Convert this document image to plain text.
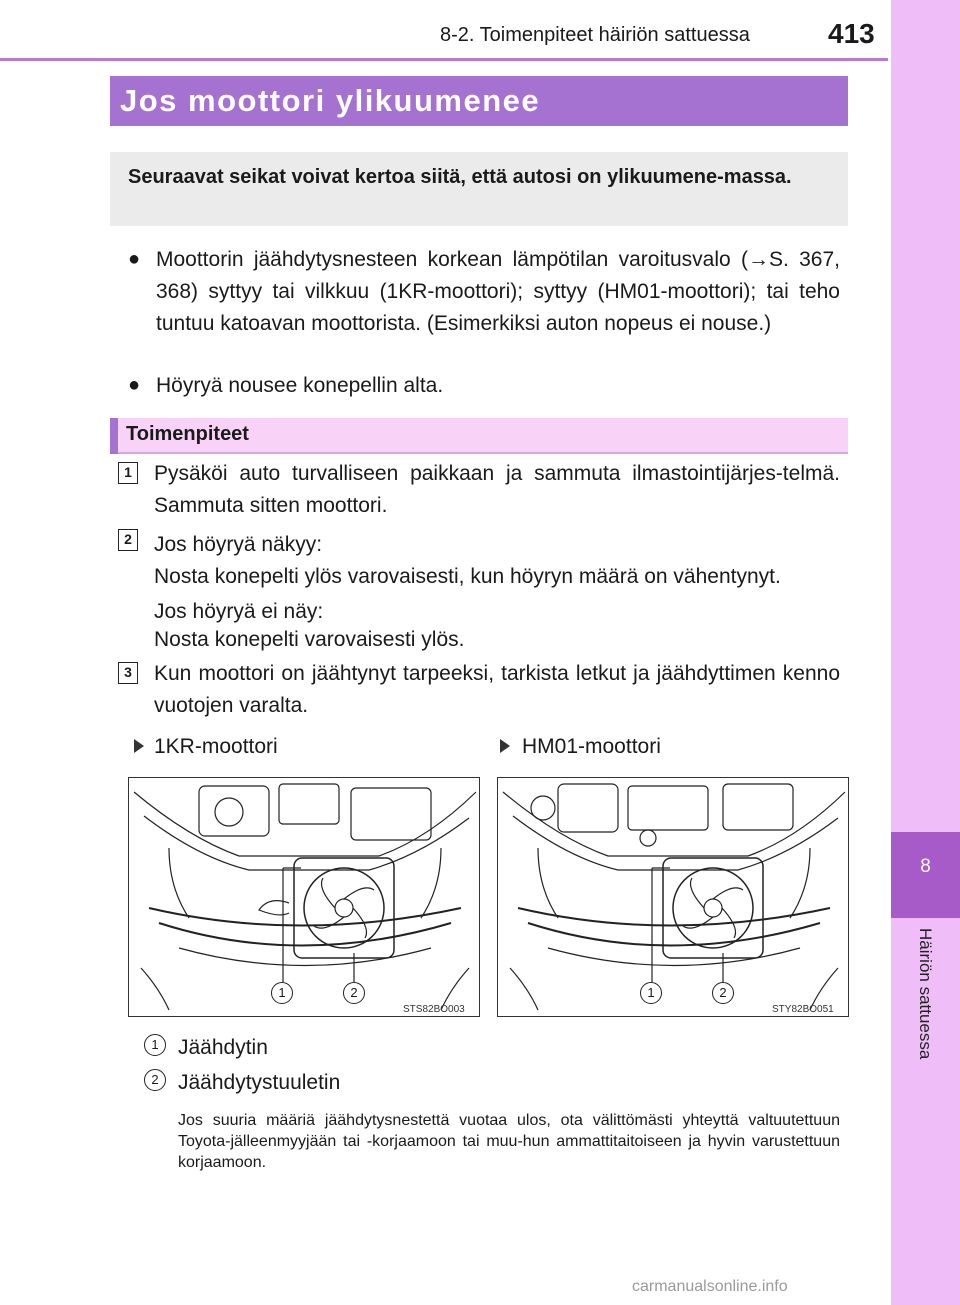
8-2. Toimenpiteet häiriön sattuessa	413
8
Häiriön sattuessa
Jos moottori ylikuumenee
Seuraavat seikat voivat kertoa siitä, että autosi on ylikuumene-massa.
● Moottorin jäähdytysnesteen korkean lämpötilan varoitusvalo (→S. 367, 368) syttyy tai vilkkuu (1KR-moottori); syttyy (HM01-moottori); tai teho tuntuu katoavan moottorista. (Esimerkiksi auton nopeus ei nouse.)
● Höyryä nousee konepellin alta.
Toimenpiteet
1 Pysäköi auto turvalliseen paikkaan ja sammuta ilmastointijärjes-telmä. Sammuta sitten moottori.
2 Jos höyryä näkyy:
Nosta konepelti ylös varovaisesti, kun höyryn määrä on vähentynyt.
Jos höyryä ei näy:
Nosta konepelti varovaisesti ylös.
3 Kun moottori on jäähtynyt tarpeeksi, tarkista letkut ja jäähdyttimen kenno vuotojen varalta.
1KR-moottori	HM01-moottori
1	2
STS82BO003
1	2
STY82BO051
1 Jäähdytin
2 Jäähdytystuuletin
Jos suuria määriä jäähdytysnestettä vuotaa ulos, ota välittömästi yhteyttä valtuutettuun Toyota-jälleenmyyjään tai -korjaamoon tai muu-hun ammattitaitoiseen ja hyvin varustettuun korjaamoon.
carmanualsonline.info
